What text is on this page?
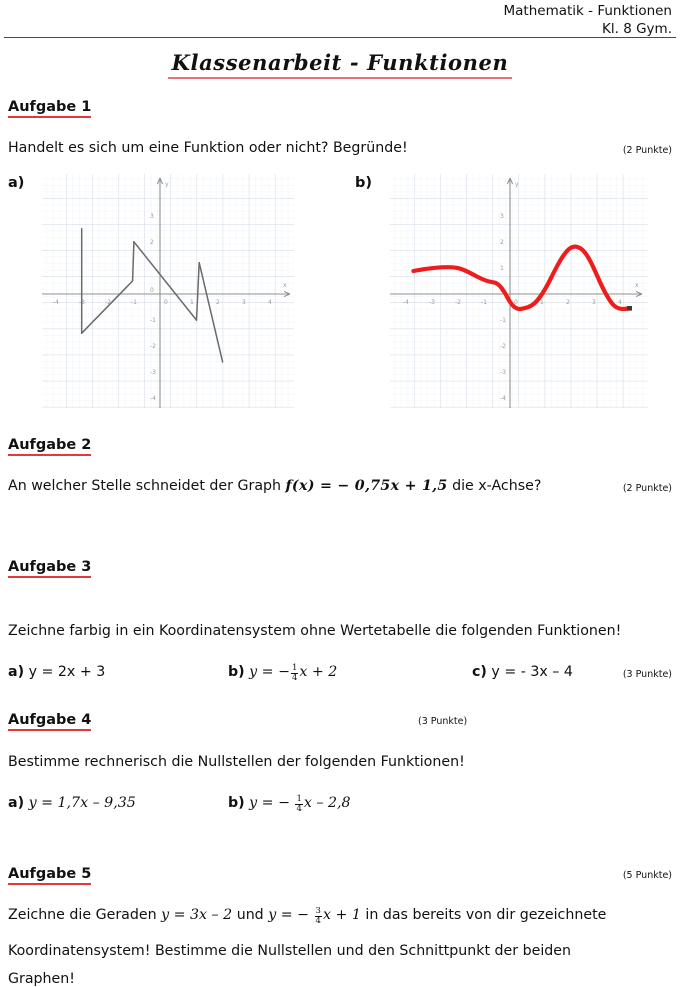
Mathematik - Funktionen
Kl. 8 Gym.
Klassenarbeit - Funktionen
Aufgabe 1
Handelt es sich um eine Funktion oder nicht? Begründe!	(2 Punkte)
a)	b)
-4	-3	-2	-1	0	1	2	3	4
3
2
0
-1
-2
-3
-4
x
y
-4	-3	-2	-1	0	1	2	3	4
3
2
1
0
-1
-2
-3
-4
x
y
Aufgabe 2
An welcher Stelle schneidet der Graph f(x) = − 0,75x + 1,5 die x-Achse?	(2 Punkte)
Aufgabe 3
Zeichne farbig in ein Koordinatensystem ohne Wertetabelle die folgenden Funktionen!
a) y = 2x + 3	b) y = − $\frac{1}{4}$ x + 2	c) y = - 3x – 4	(3 Punkte)
Aufgabe 4	(3 Punkte)
Bestimme rechnerisch die Nullstellen der folgenden Funktionen!
a) y = 1,7x – 9,35	b) y = − $\frac{1}{4}$ x – 2,8
Aufgabe 5	(5 Punkte)
Zeichne die Geraden y = 3x – 2 und y = − $\frac{3}{4}$ x + 1 in das bereits von dir gezeichnete
Koordinatensystem! Bestimme die Nullstellen und den Schnittpunkt der beiden
Graphen!
